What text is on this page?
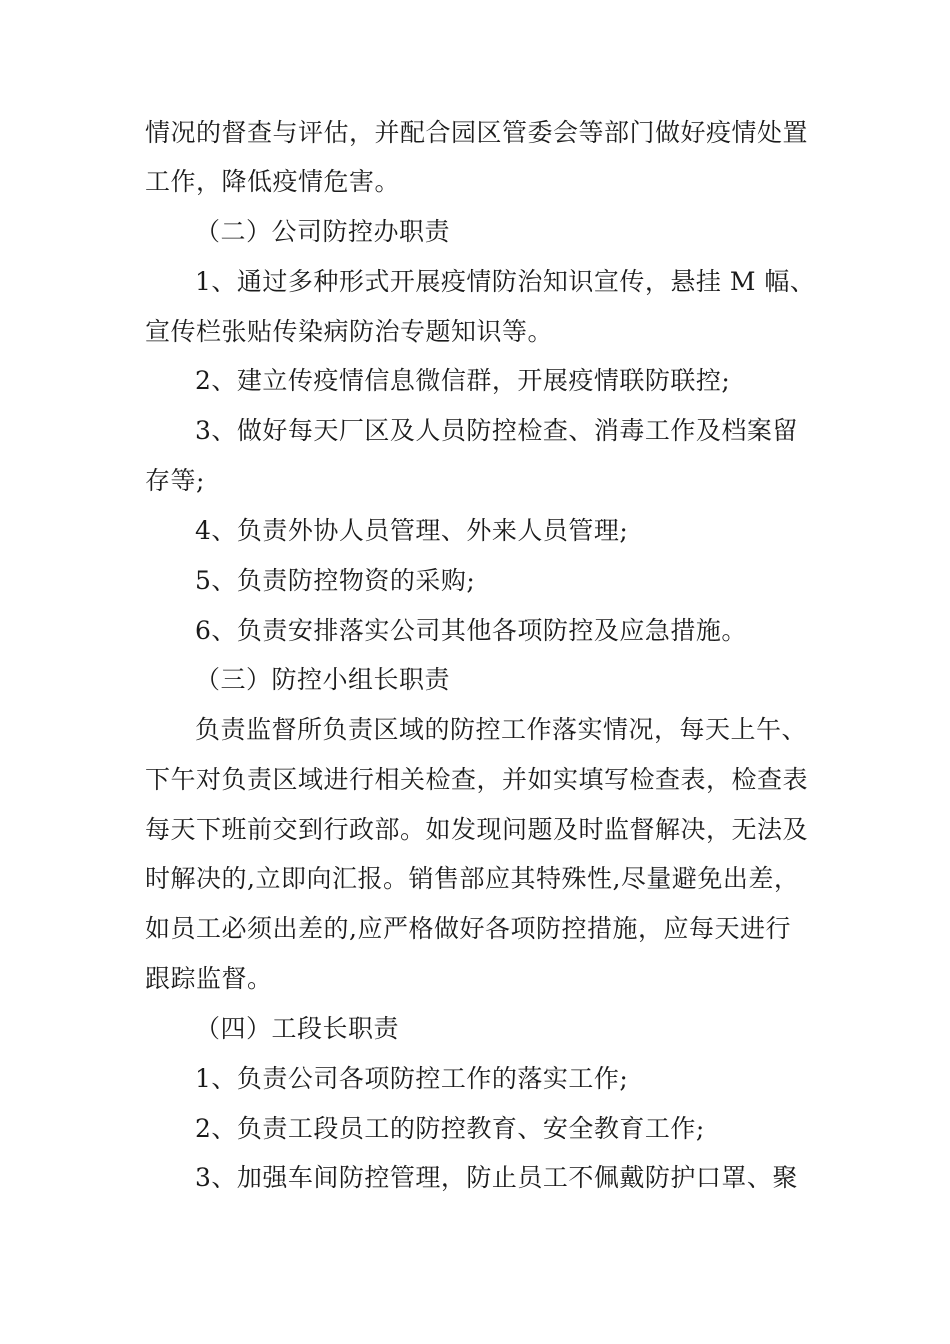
情况的督查与评估，并配合园区管委会等部门做好疫情处置
工作，降低疫情危害。
（二）公司防控办职责
1、通过多种形式开展疫情防治知识宣传，悬挂 M 幅、
宣传栏张贴传染病防治专题知识等。
2、建立传疫情信息微信群，开展疫情联防联控;
3、做好每天厂区及人员防控检查、消毒工作及档案留
存等;
4、负责外协人员管理、外来人员管理;
5、负责防控物资的采购;
6、负责安排落实公司其他各项防控及应急措施。
（三）防控小组长职责
负责监督所负责区域的防控工作落实情况，每天上午、
下午对负责区域进行相关检查，并如实填写检查表，检查表
每天下班前交到行政部。如发现问题及时监督解决，无法及
时解决的,立即向汇报。销售部应其特殊性,尽量避免出差，
如员工必须出差的,应严格做好各项防控措施，应每天进行
跟踪监督。
（四）工段长职责
1、负责公司各项防控工作的落实工作;
2、负责工段员工的防控教育、安全教育工作;
3、加强车间防控管理，防止员工不佩戴防护口罩、聚
